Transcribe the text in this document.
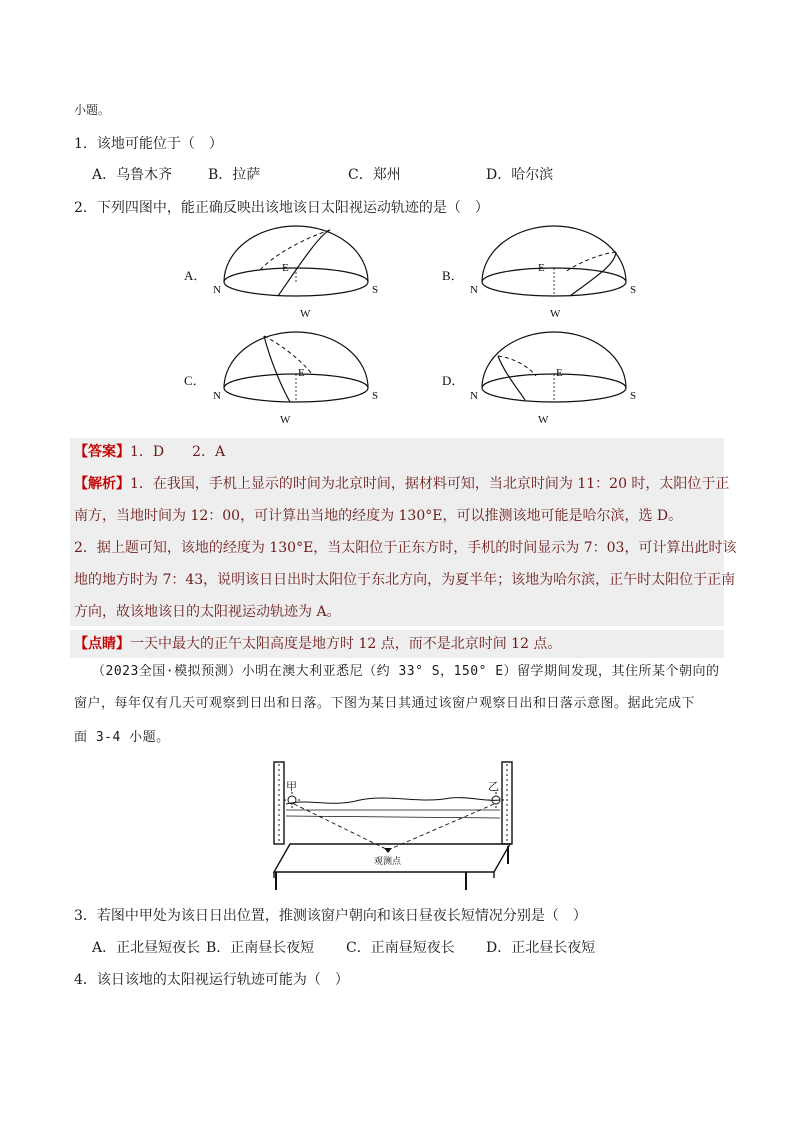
小题。
1．该地可能位于（　）
A．乌鲁木齐	B．拉萨	C．郑州	D．哈尔滨
2．下列四图中，能正确反映出该地该日太阳视运动轨迹的是（　）
A．
N	S
E
W
B．
N	S
E
W
C．
N	S
E
W
D．
N	S
E
W
【答案】1．D　　2．A
【解析】1．在我国，手机上显示的时间为北京时间，据材料可知，当北京时间为 11：20 时，太阳位于正
南方，当地时间为 12：00，可计算出当地的经度为 130°E，可以推测该地可能是哈尔滨，选 D。
2．据上题可知，该地的经度为 130°E，当太阳位于正东方时，手机的时间显示为 7：03，可计算出此时该
地的地方时为 7：43，说明该日日出时太阳位于东北方向，为夏半年；该地为哈尔滨，正午时太阳位于正南
方向，故该地该日的太阳视运动轨迹为 A。
【点睛】一天中最大的正午太阳高度是地方时 12 点，而不是北京时间 12 点。
（2023全国·模拟预测）小明在澳大利亚悉尼（约 33° S，150° E）留学期间发现，其住所某个朝向的
窗户，每年仅有几天可观察到日出和日落。下图为某日其通过该窗户观察日出和日落示意图。据此完成下
面 3-4 小题。
甲	乙
观测点
3．若图中甲处为该日日出位置，推测该窗户朝向和该日昼夜长短情况分别是（　）
A．正北昼短夜长 B．正南昼长夜短 C．正南昼短夜长 D．正北昼长夜短
4．该日该地的太阳视运行轨迹可能为（　）
